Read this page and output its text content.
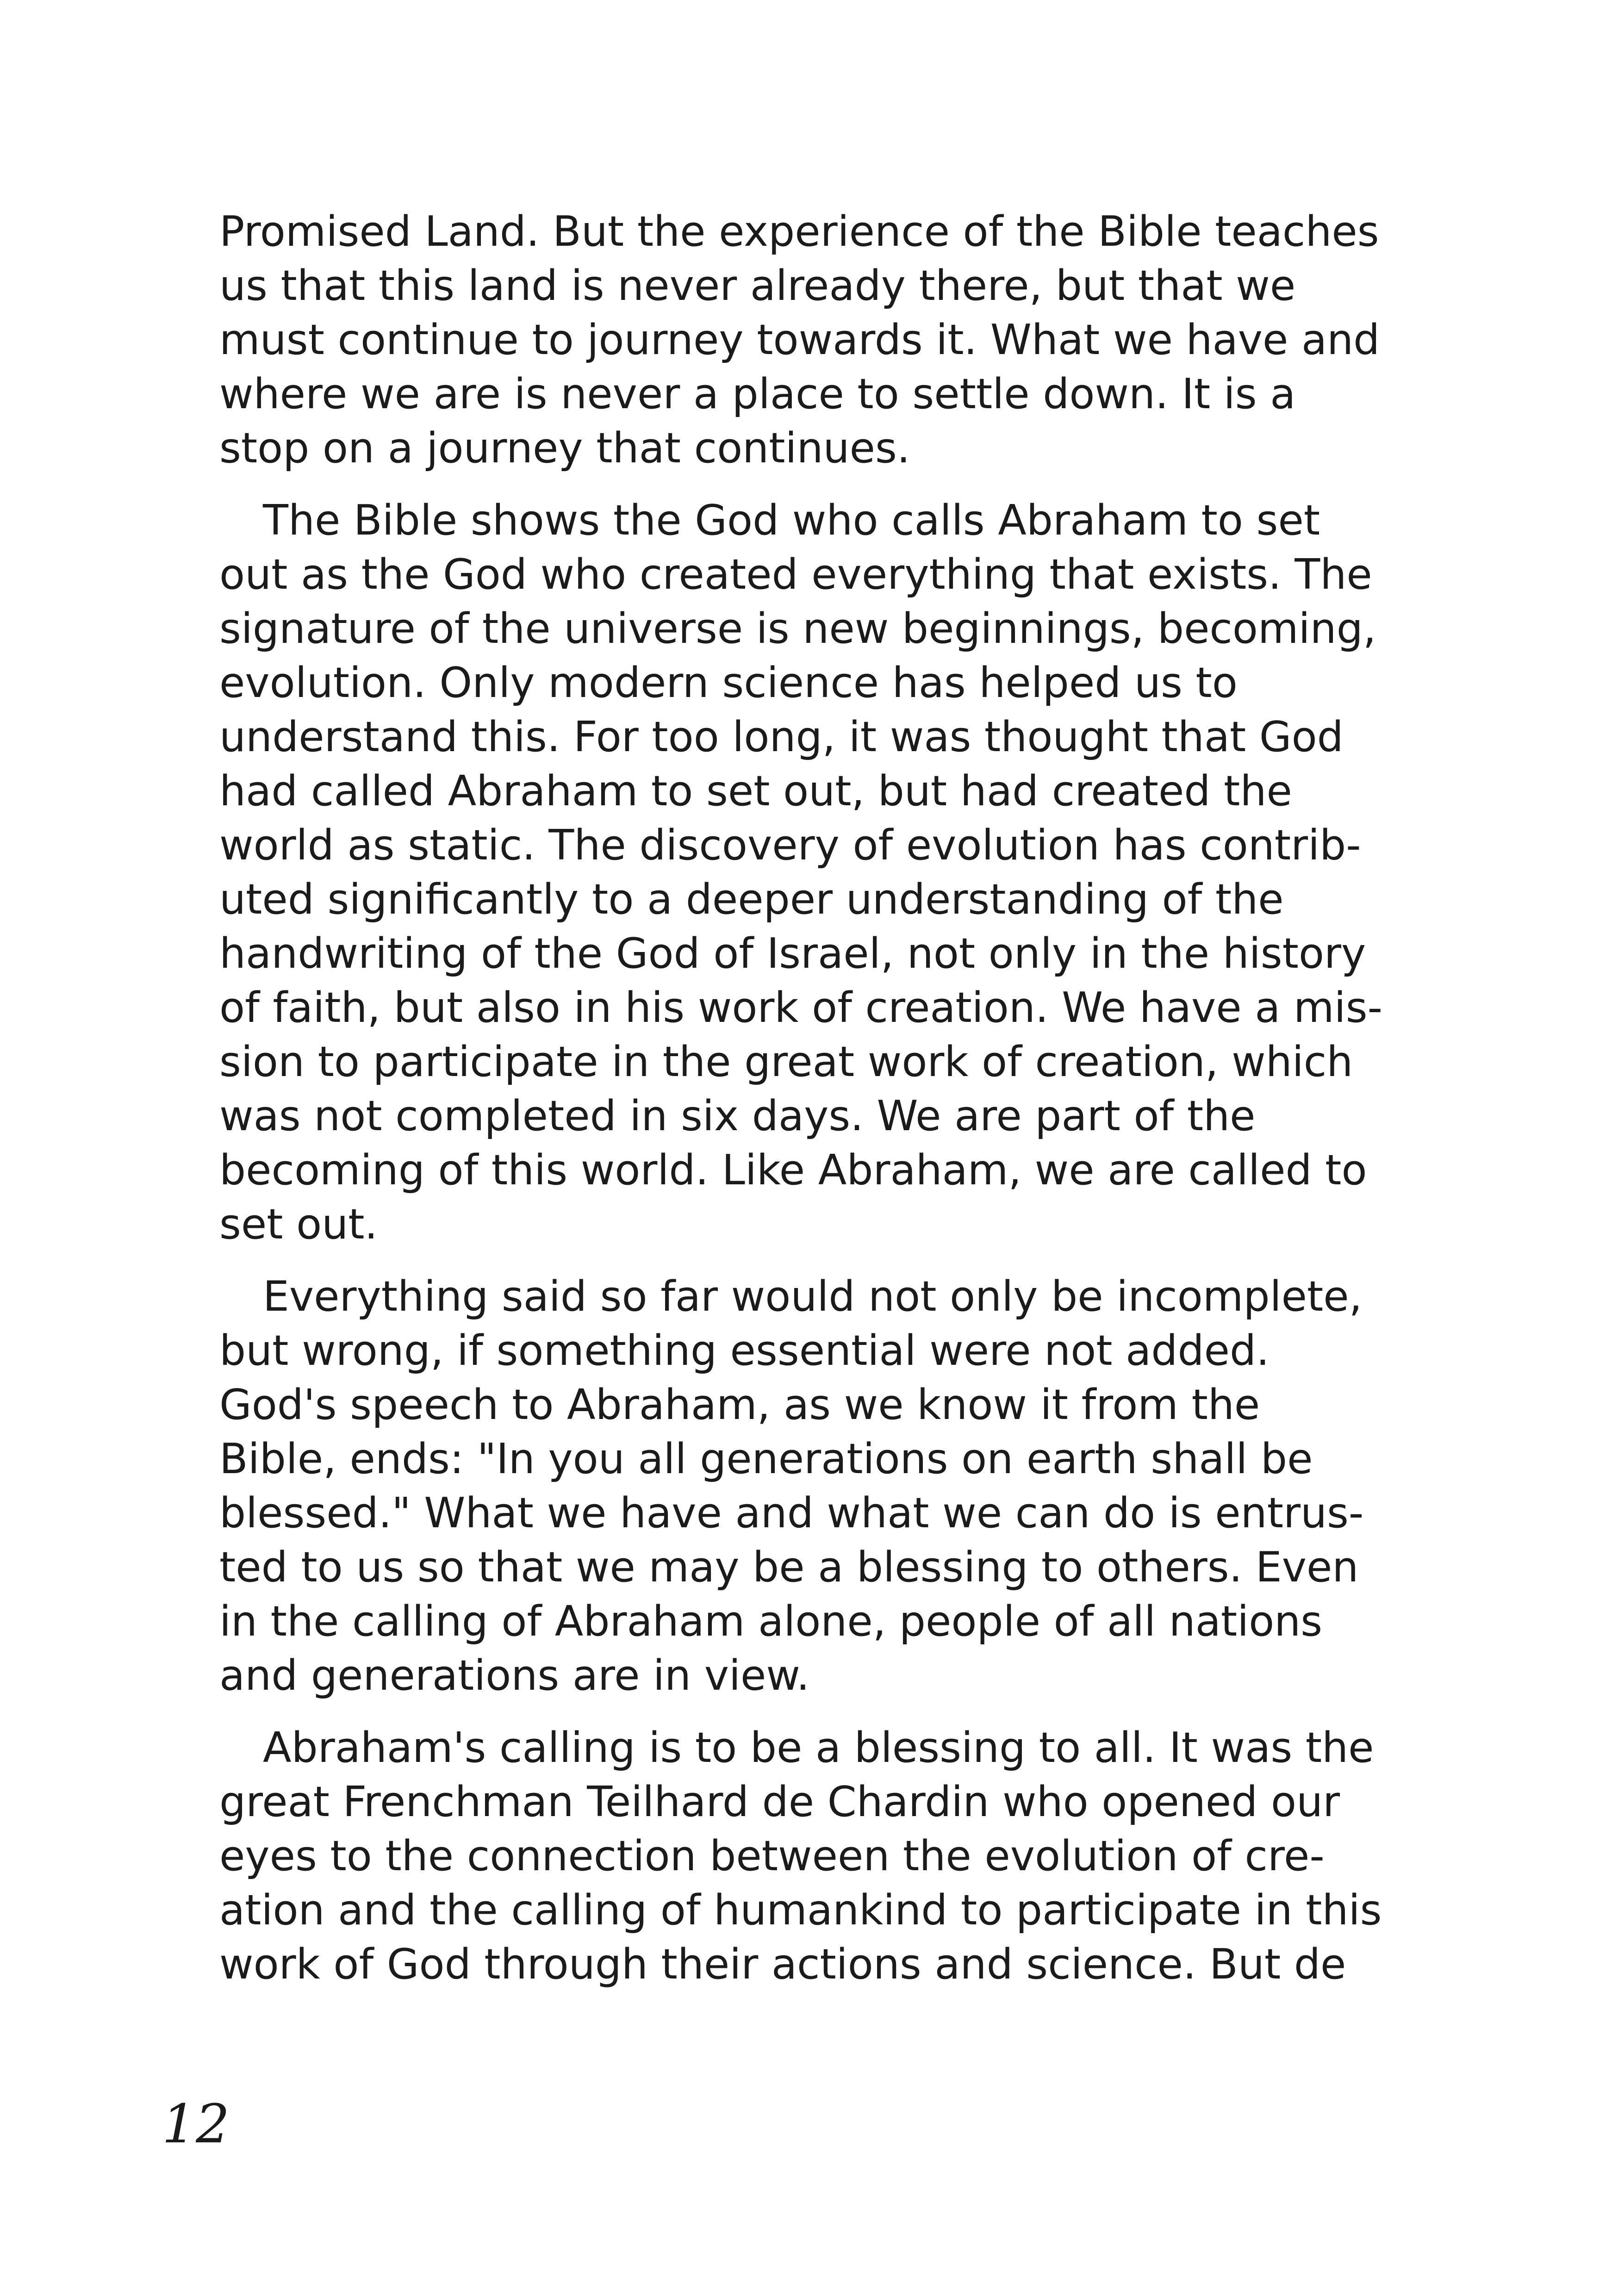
Promised Land. But the experience of the Bible teaches
us that this land is never already there, but that we
must continue to journey towards it. What we have and
where we are is never a place to settle down. It is a
stop on a journey that continues.
The Bible shows the God who calls Abraham to set
out as the God who created everything that exists. The
signature of the universe is new beginnings, becoming,
evolution. Only modern science has helped us to
understand this. For too long, it was thought that God
had called Abraham to set out, but had created the
world as static. The discovery of evolution has contrib-
uted significantly to a deeper understanding of the
handwriting of the God of Israel, not only in the history
of faith, but also in his work of creation. We have a mis-
sion to participate in the great work of creation, which
was not completed in six days. We are part of the
becoming of this world. Like Abraham, we are called to
set out.
Everything said so far would not only be incomplete,
but wrong, if something essential were not added.
God's speech to Abraham, as we know it from the
Bible, ends: "In you all generations on earth shall be
blessed." What we have and what we can do is entrus-
ted to us so that we may be a blessing to others. Even
in the calling of Abraham alone, people of all nations
and generations are in view.
Abraham's calling is to be a blessing to all. It was the
great Frenchman Teilhard de Chardin who opened our
eyes to the connection between the evolution of cre-
ation and the calling of humankind to participate in this
work of God through their actions and science. But de
12
